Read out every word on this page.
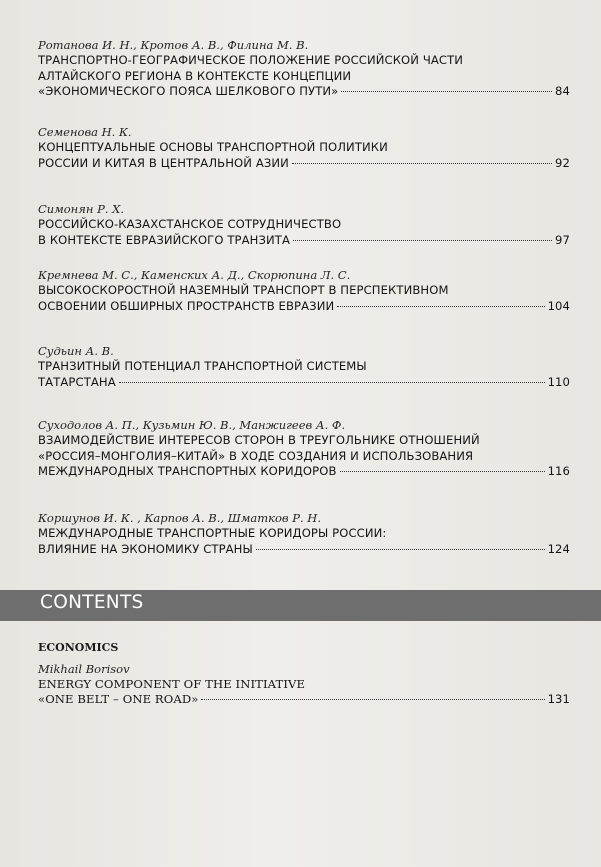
Ротанова И. Н., Кротов А. В., Филина М. В.
ТРАНСПОРТНО-ГЕОГРАФИЧЕСКОЕ ПОЛОЖЕНИЕ РОССИЙСКОЙ ЧАСТИ
АЛТАЙСКОГО РЕГИОНА В КОНТЕКСТЕ КОНЦЕПЦИИ
«ЭКОНОМИЧЕСКОГО ПОЯСА ШЕЛКОВОГО ПУТИ»	84
Семенова Н. К.
КОНЦЕПТУАЛЬНЫЕ ОСНОВЫ ТРАНСПОРТНОЙ ПОЛИТИКИ
РОССИИ И КИТАЯ В ЦЕНТРАЛЬНОЙ АЗИИ	92
Симонян Р. Х.
РОССИЙСКО-КАЗАХСТАНСКОЕ СОТРУДНИЧЕСТВО
В КОНТЕКСТЕ ЕВРАЗИЙСКОГО ТРАНЗИТА	97
Кремнева М. С., Каменских А. Д., Скорюпина Л. С.
ВЫСОКОСКОРОСТНОЙ НАЗЕМНЫЙ ТРАНСПОРТ В ПЕРСПЕКТИВНОМ
ОСВОЕНИИ ОБШИРНЫХ ПРОСТРАНСТВ ЕВРАЗИИ	104
Судьин А. В.
ТРАНЗИТНЫЙ ПОТЕНЦИАЛ ТРАНСПОРТНОЙ СИСТЕМЫ
ТАТАРСТАНА	110
Суходолов А. П., Кузьмин Ю. В., Манжигеев А. Ф.
ВЗАИМОДЕЙСТВИЕ ИНТЕРЕСОВ СТОРОН В ТРЕУГОЛЬНИКЕ ОТНОШЕНИЙ
«РОССИЯ–МОНГОЛИЯ–КИТАЙ» В ХОДЕ СОЗДАНИЯ И ИСПОЛЬЗОВАНИЯ
МЕЖДУНАРОДНЫХ ТРАНСПОРТНЫХ КОРИДОРОВ	116
Коршунов И. К. , Карпов А. В., Шматков Р. Н.
МЕЖДУНАРОДНЫЕ ТРАНСПОРТНЫЕ КОРИДОРЫ РОССИИ:
ВЛИЯНИЕ НА ЭКОНОМИКУ СТРАНЫ	124
CONTENTS
ECONOMICS
Mikhail Borisov
ENERGY COMPONENT OF THE INITIATIVE
«ONE BELT – ONE ROAD»	131
